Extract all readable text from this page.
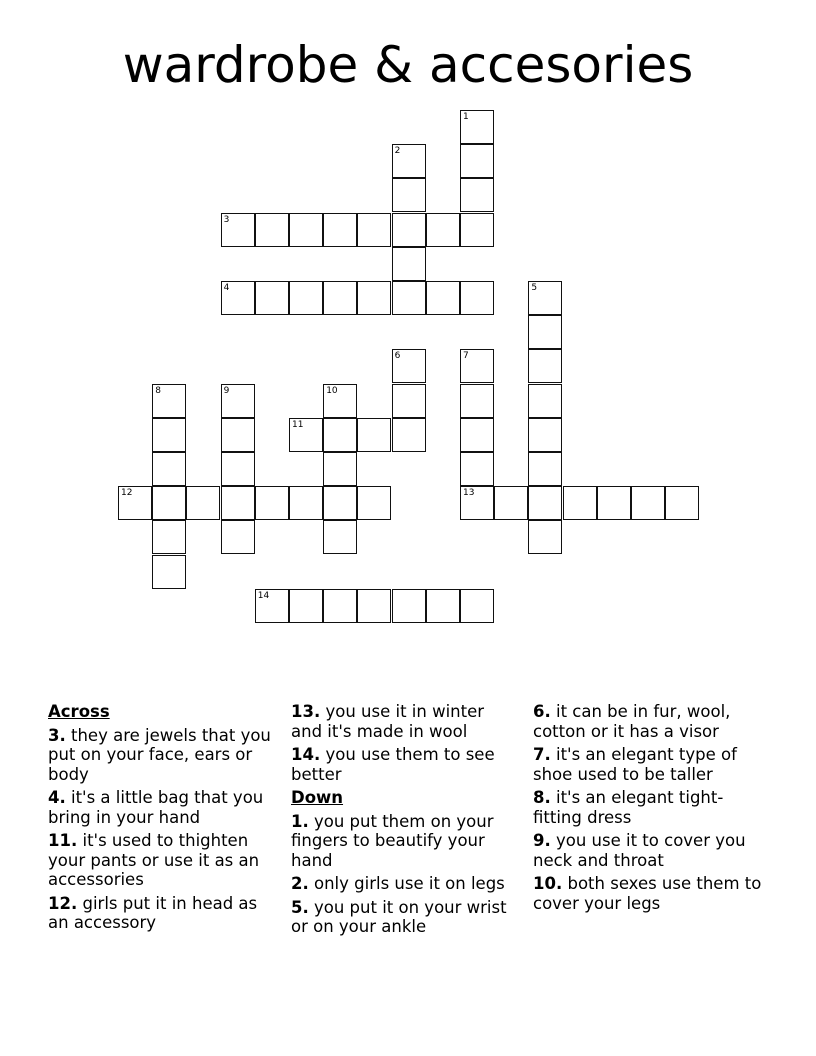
wardrobe & accesories
1
2
3
4	5
6	7
13
8	9	10
11
12
14
Across
3. they are jewels that you put on your face, ears or body
4. it's a little bag that you bring in your hand
11. it's used to thighten your pants or use it as an accessories
12. girls put it in head as an accessory
13. you use it in winter and it's made in wool
14. you use them to see better
Down
1. you put them on your fingers to beautify your hand
2. only girls use it on legs
5. you put it on your wrist or on your ankle
6. it can be in fur, wool, cotton or it has a visor
7. it's an elegant type of shoe used to be taller
8. it's an elegant tight-fitting dress
9. you use it to cover you neck and throat
10. both sexes use them to cover your legs
